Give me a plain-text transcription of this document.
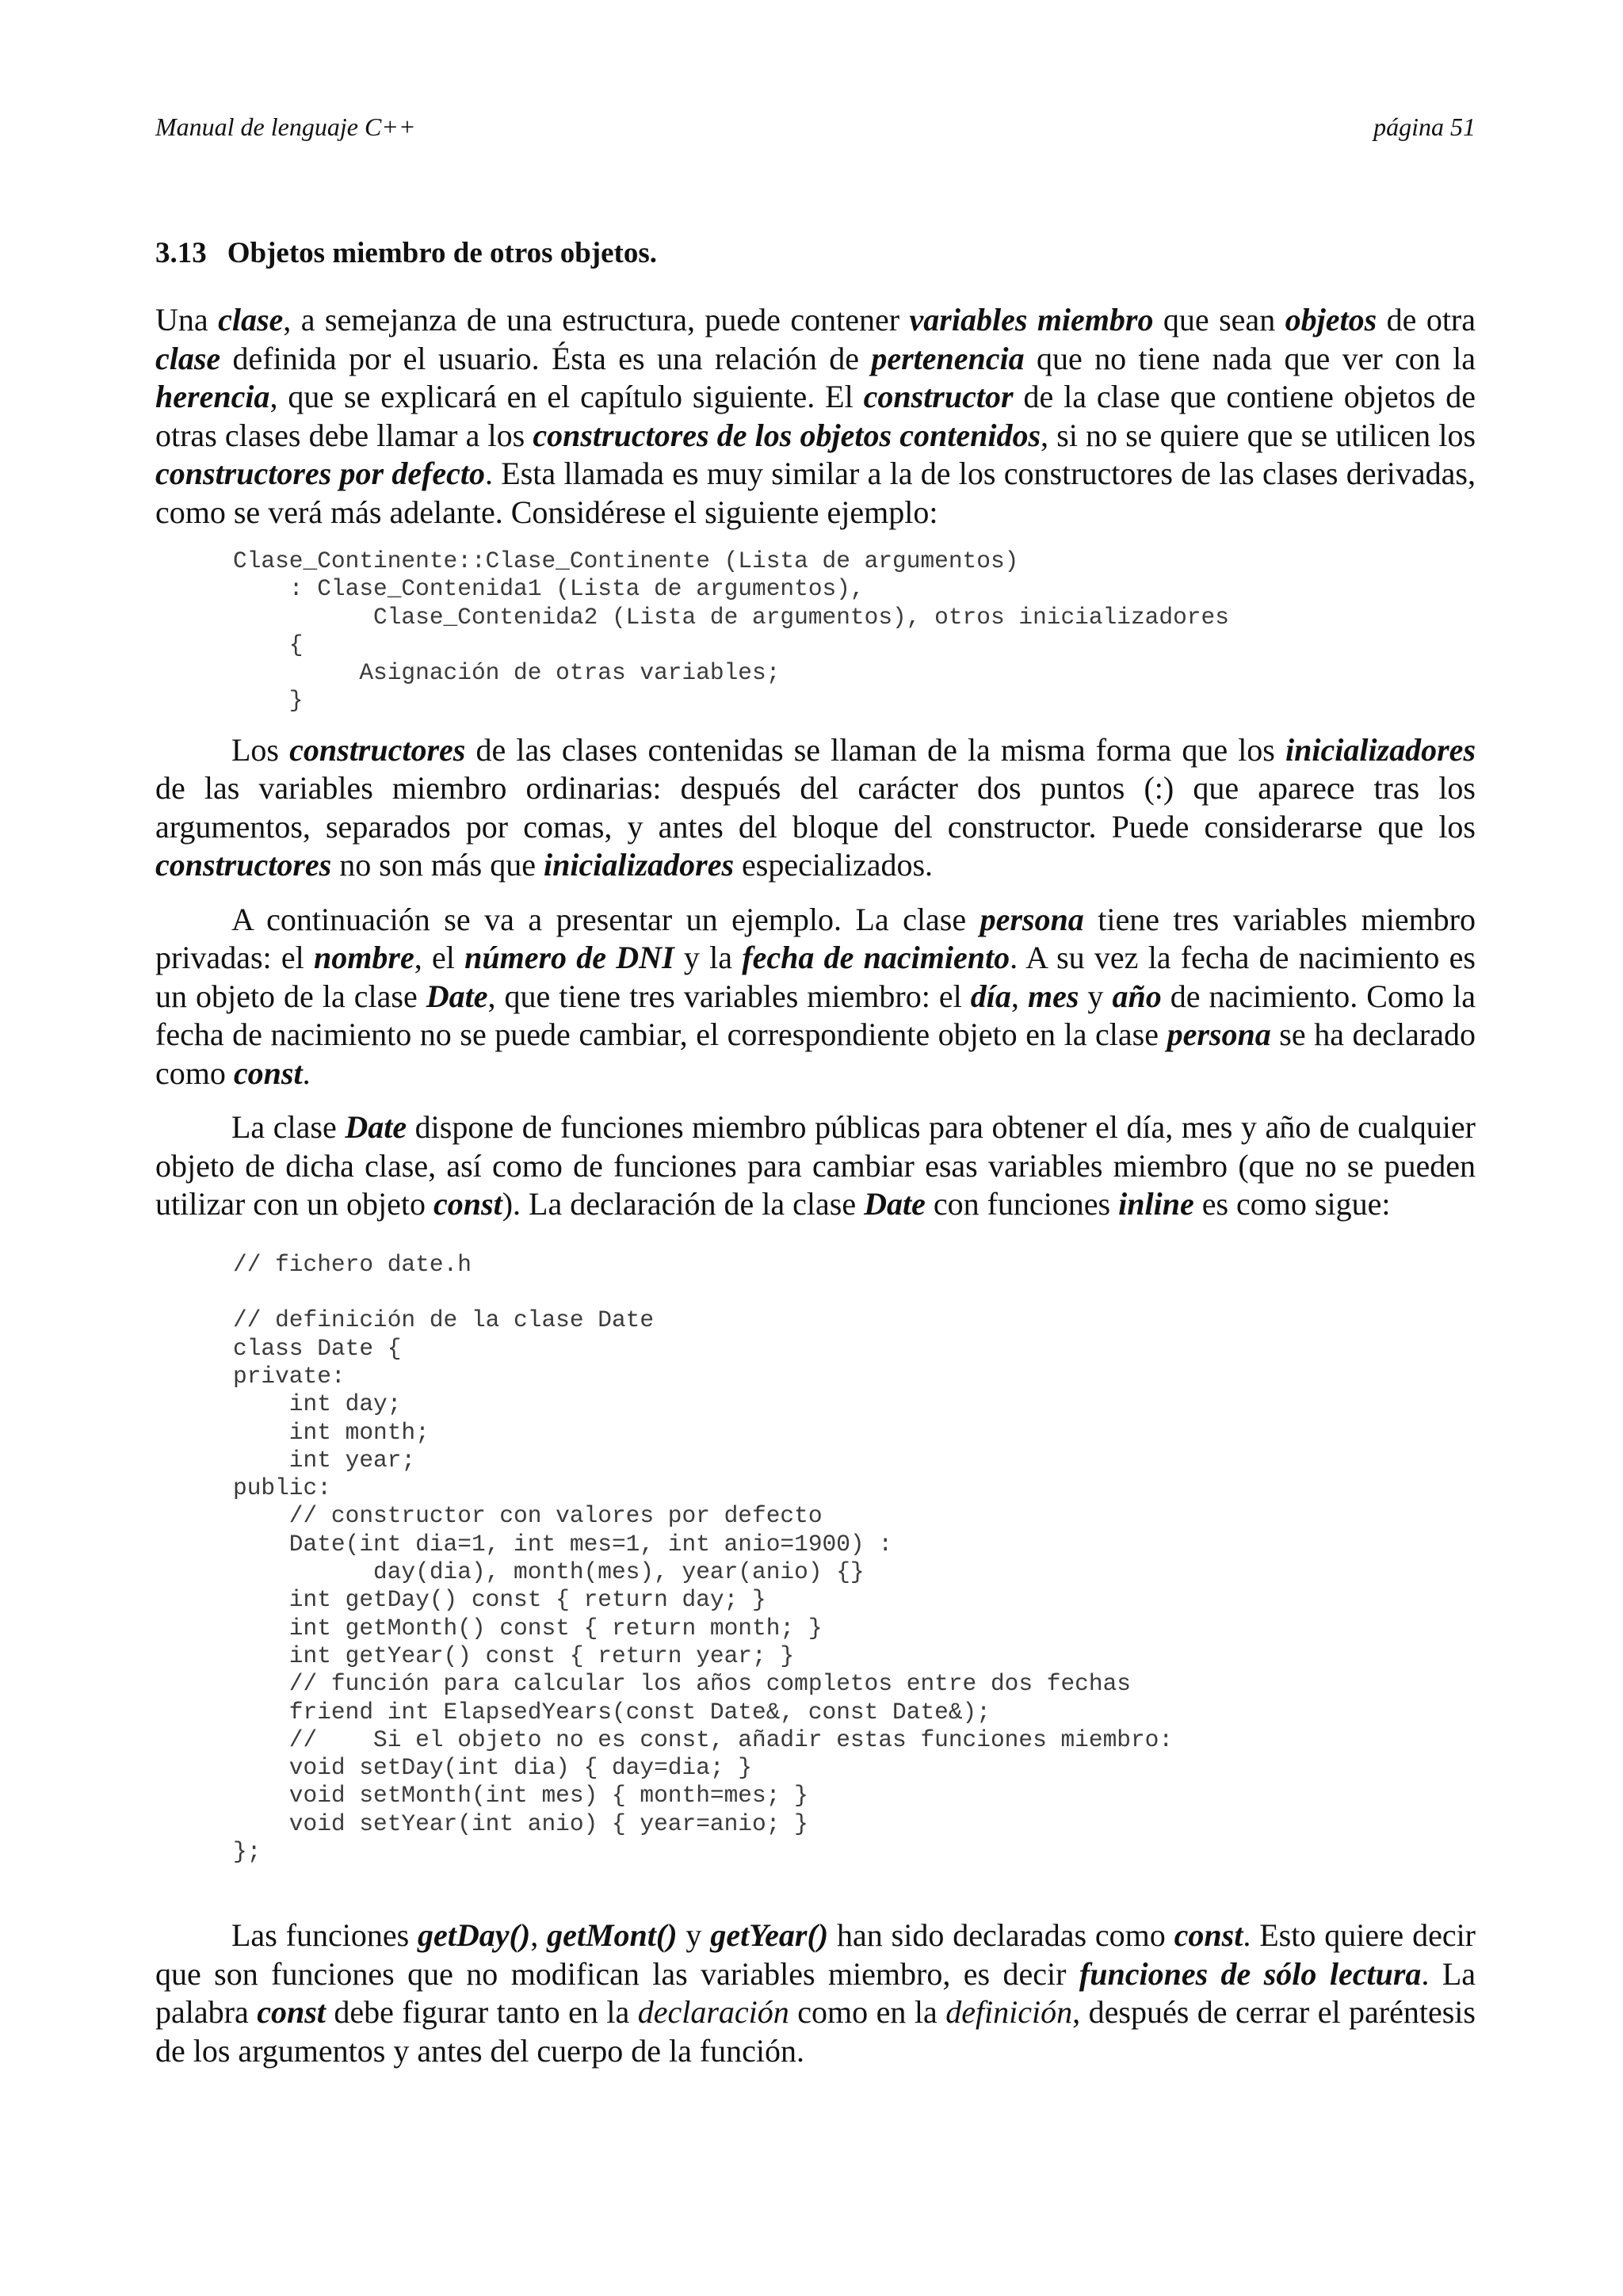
Manual de lenguaje C++	página 51
3.13 Objetos miembro de otros objetos.

Una clase, a semejanza de una estructura, puede contener variables miembro que sean objetos de otra clase definida por el usuario. Ésta es una relación de pertenencia que no tiene nada que ver con la herencia, que se explicará en el capítulo siguiente. El constructor de la clase que contiene objetos de otras clases debe llamar a los constructores de los objetos contenidos, si no se quiere que se utilicen los constructores por defecto. Esta llamada es muy similar a la de los constructores de las clases derivadas, como se verá más adelante. Considérese el siguiente ejemplo:

Clase_Continente::Clase_Continente (Lista de argumentos)
: Clase_Contenida1 (Lista de argumentos),
Clase_Contenida2 (Lista de argumentos), otros inicializadores
{
Asignación de otras variables;
}

Los constructores de las clases contenidas se llaman de la misma forma que los inicializadores de las variables miembro ordinarias: después del carácter dos puntos (:) que aparece tras los argumentos, separados por comas, y antes del bloque del constructor. Puede considerarse que los constructores no son más que inicializadores especializados.

A continuación se va a presentar un ejemplo. La clase persona tiene tres variables miembro privadas: el nombre, el número de DNI y la fecha de nacimiento. A su vez la fecha de nacimiento es un objeto de la clase Date, que tiene tres variables miembro: el día, mes y año de nacimiento. Como la fecha de nacimiento no se puede cambiar, el correspondiente objeto en la clase persona se ha declarado como const.

La clase Date dispone de funciones miembro públicas para obtener el día, mes y año de cualquier objeto de dicha clase, así como de funciones para cambiar esas variables miembro (que no se pueden utilizar con un objeto const). La declaración de la clase Date con funciones inline es como sigue:

// fichero date.h

// definición de la clase Date
class Date {
private:
int day;
int month;
int year;
public:
// constructor con valores por defecto
Date(int dia=1, int mes=1, int anio=1900) :
day(dia), month(mes), year(anio) {}
int getDay() const { return day; }
int getMonth() const { return month; }
int getYear() const { return year; }
// función para calcular los años completos entre dos fechas
friend int ElapsedYears(const Date&, const Date&);
//    Si el objeto no es const, añadir estas funciones miembro:
void setDay(int dia) { day=dia; }
void setMonth(int mes) { month=mes; }
void setYear(int anio) { year=anio; }
};

Las funciones getDay(), getMont() y getYear() han sido declaradas como const. Esto quiere decir que son funciones que no modifican las variables miembro, es decir funciones de sólo lectura. La palabra const debe figurar tanto en la declaración como en la definición, después de cerrar el paréntesis de los argumentos y antes del cuerpo de la función.
